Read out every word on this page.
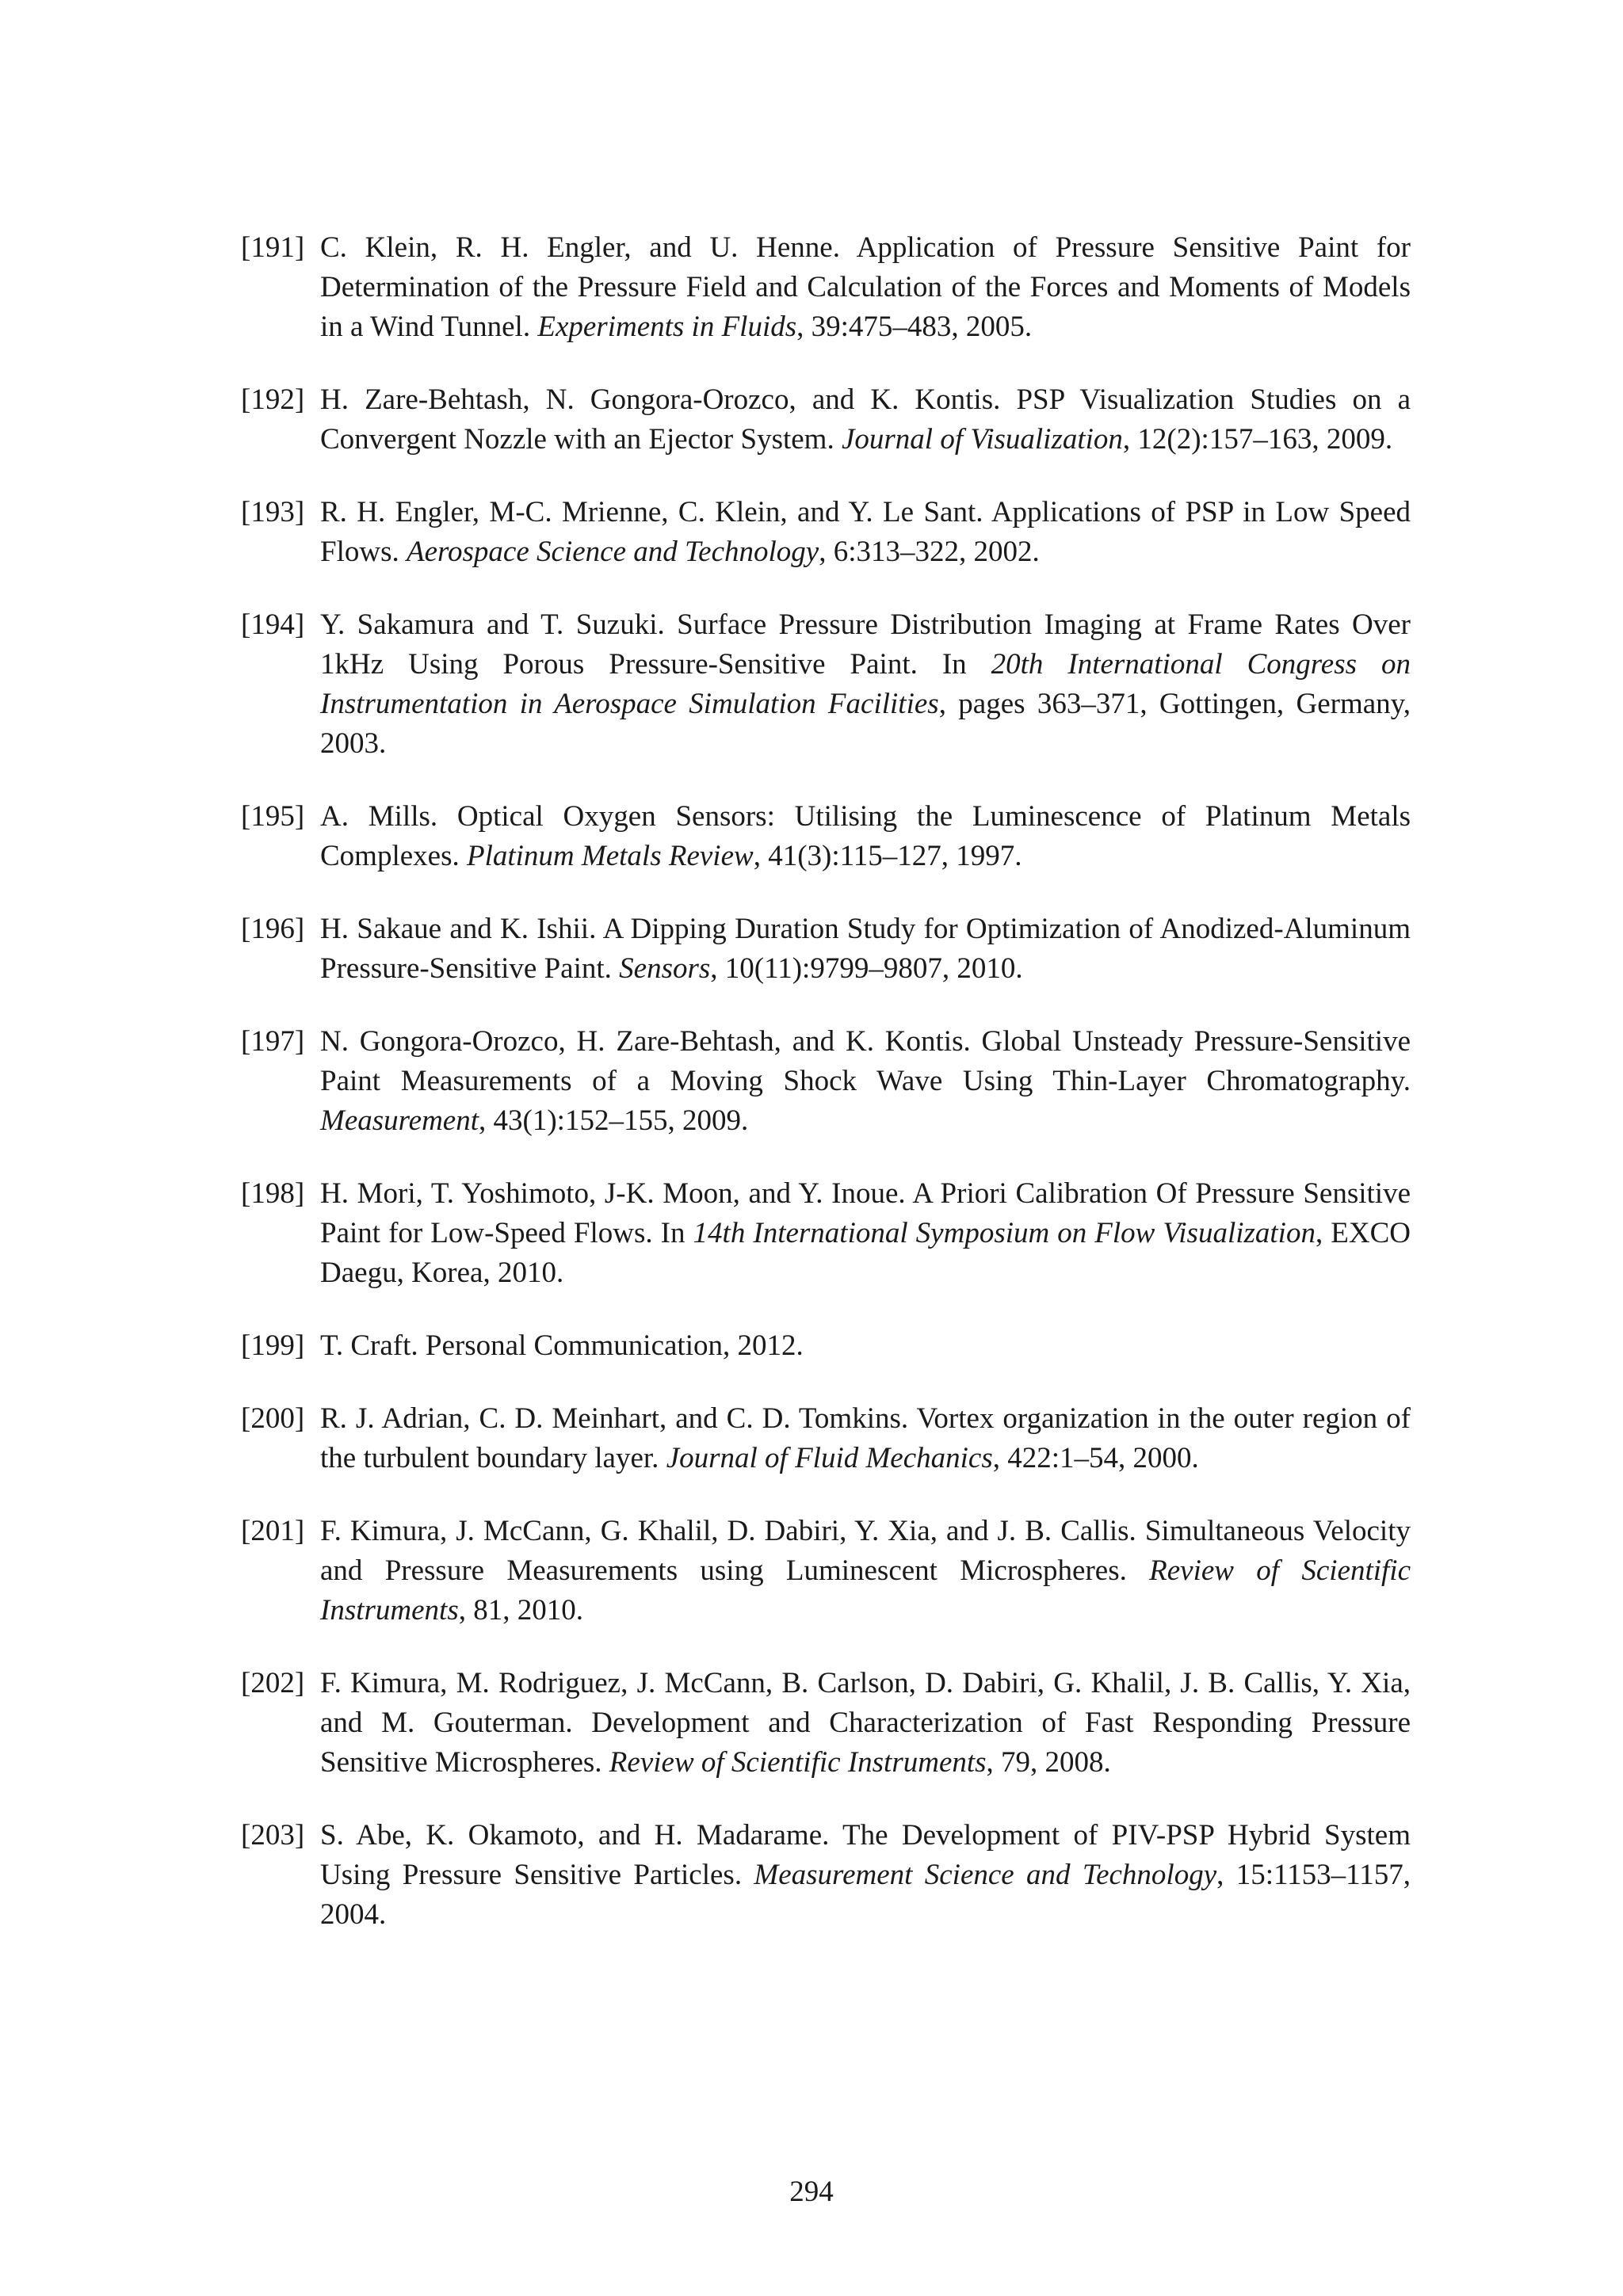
[191] C. Klein, R. H. Engler, and U. Henne. Application of Pressure Sensitive Paint for Determination of the Pressure Field and Calculation of the Forces and Moments of Models in a Wind Tunnel. Experiments in Fluids, 39:475–483, 2005.
[192] H. Zare-Behtash, N. Gongora-Orozco, and K. Kontis. PSP Visualization Studies on a Convergent Nozzle with an Ejector System. Journal of Visualization, 12(2):157–163, 2009.
[193] R. H. Engler, M-C. Mrienne, C. Klein, and Y. Le Sant. Applications of PSP in Low Speed Flows. Aerospace Science and Technology, 6:313–322, 2002.
[194] Y. Sakamura and T. Suzuki. Surface Pressure Distribution Imaging at Frame Rates Over 1kHz Using Porous Pressure-Sensitive Paint. In 20th International Congress on Instrumentation in Aerospace Simulation Facilities, pages 363–371, Gottingen, Germany, 2003.
[195] A. Mills. Optical Oxygen Sensors: Utilising the Luminescence of Platinum Metals Complexes. Platinum Metals Review, 41(3):115–127, 1997.
[196] H. Sakaue and K. Ishii. A Dipping Duration Study for Optimization of Anodized-Aluminum Pressure-Sensitive Paint. Sensors, 10(11):9799–9807, 2010.
[197] N. Gongora-Orozco, H. Zare-Behtash, and K. Kontis. Global Unsteady Pressure-Sensitive Paint Measurements of a Moving Shock Wave Using Thin-Layer Chromatography. Measurement, 43(1):152–155, 2009.
[198] H. Mori, T. Yoshimoto, J-K. Moon, and Y. Inoue. A Priori Calibration Of Pressure Sensitive Paint for Low-Speed Flows. In 14th International Symposium on Flow Visualization, EXCO Daegu, Korea, 2010.
[199] T. Craft. Personal Communication, 2012.
[200] R. J. Adrian, C. D. Meinhart, and C. D. Tomkins. Vortex organization in the outer region of the turbulent boundary layer. Journal of Fluid Mechanics, 422:1–54, 2000.
[201] F. Kimura, J. McCann, G. Khalil, D. Dabiri, Y. Xia, and J. B. Callis. Simultaneous Velocity and Pressure Measurements using Luminescent Microspheres. Review of Scientific Instruments, 81, 2010.
[202] F. Kimura, M. Rodriguez, J. McCann, B. Carlson, D. Dabiri, G. Khalil, J. B. Callis, Y. Xia, and M. Gouterman. Development and Characterization of Fast Responding Pressure Sensitive Microspheres. Review of Scientific Instruments, 79, 2008.
[203] S. Abe, K. Okamoto, and H. Madarame. The Development of PIV-PSP Hybrid System Using Pressure Sensitive Particles. Measurement Science and Technology, 15:1153–1157, 2004.
294
